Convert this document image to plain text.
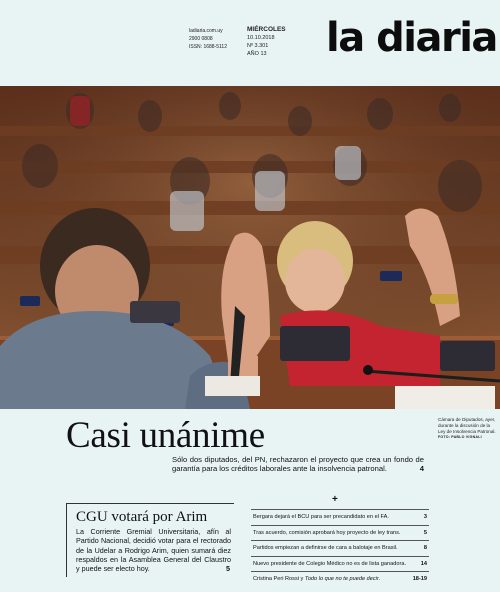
ladiaria.com.uy
2900 0808
ISSN: 1688-5112
MIÉRCOLES
10.10.2018
Nº 3.301
AÑO 13	la diaria
Casi unánime
Sólo dos diputados, del PN, rechazaron el proyecto que crea un fondo de garantía para los créditos laborales ante la insolvencia patronal.	4
Cámara de Diputados, ayer, durante la discusión de la Ley de Insolvencia Patronal.
FOTO: PABLO VIGNALI
CGU votará por Arim
La Corriente Gremial Universitaria, afín al Partido Nacional, decidió votar para el rectorado de la Udelar a Rodrigo Arim, quien sumará diez respaldos en la Asamblea General del Claustro y puede ser electo hoy.	5
+
Bergara dejará el BCU para ser precandidato en el FA.	3
Tras acuerdo, comisión aprobará hoy proyecto de ley trans.	5
Partidos empiezan a definirse de cara a balotaje en Brasil.	8
Nuevo presidente de Colegio Médico no es de lista ganadora.	14
Cristina Peri Rossi y Todo lo que no te puede decir.	18-19
